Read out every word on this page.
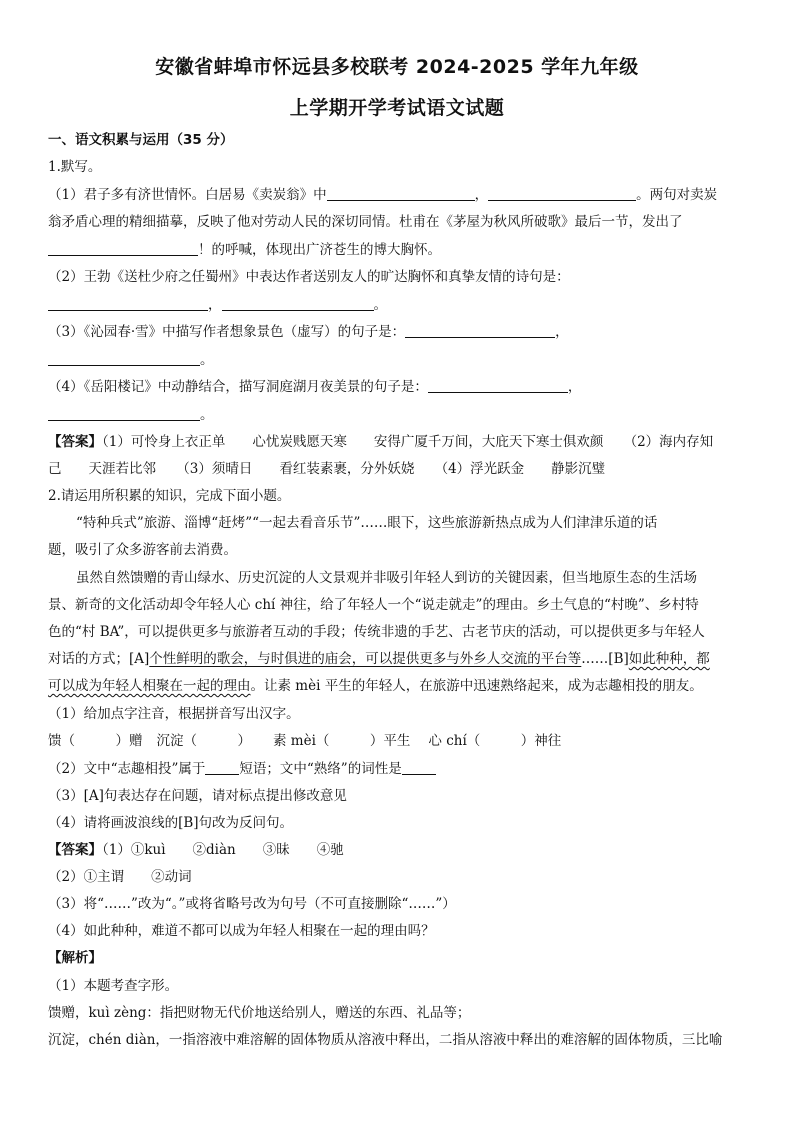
安徽省蚌埠市怀远县多校联考 2024-2025 学年九年级
上学期开学考试语文试题
一、语文积累与运用（35 分）
1.默写。
（1）君子多有济世情怀。白居易《卖炭翁》中	，	。两句对卖炭
翁矛盾心理的精细描摹，反映了他对劳动人民的深切同情。杜甫在《茅屋为秋风所破歌》最后一节，发出了
！的呼喊，体现出广济苍生的博大胸怀。
（2）王勃《送杜少府之任蜀州》中表达作者送别友人的旷达胸怀和真挚友情的诗句是：
，	。
（3）《沁园春·雪》中描写作者想象景色（虚写）的句子是：	，
。
（4）《岳阳楼记》中动静结合，描写洞庭湖月夜美景的句子是：	，
。
【答案】（1）可怜身上衣正单　　心忧炭贱愿天寒　　安得广厦千万间，大庇天下寒士俱欢颜　　（2）海内存知
己　　天涯若比邻　　（3）须晴日　　看红装素裹，分外妖娆　　（4）浮光跃金　　静影沉璧
2.请运用所积累的知识，完成下面小题。
“特种兵式”旅游、淄博“赶烤”“一起去看音乐节”……眼下，这些旅游新热点成为人们津津乐道的话
题，吸引了众多游客前去消费。
虽然自然馈赠的青山绿水、历史沉淀的人文景观并非吸引年轻人到访的关键因素，但当地原生态的生活场
景、新奇的文化活动却令年轻人心 chí 神往，给了年轻人一个“说走就走”的理由。乡土气息的“村晚”、乡村特
色的“村 BA”，可以提供更多与旅游者互动的手段；传统非遗的手艺、古老节庆的活动，可以提供更多与年轻人
对话的方式；[A]个性鲜明的歌会，与时俱进的庙会，可以提供更多与外乡人交流的平台等……[B]如此种种，都
可以成为年轻人相聚在一起的理由。让素 mèi 平生的年轻人，在旅游中迅速熟络起来，成为志趣相投的朋友。
（1）给加点字注音，根据拼音写出汉字。
馈（　　　）赠 沉淀（　　　） 素 mèi（　　　）平生 心 chí（　　　）神往
（2）文中“志趣相投”属于	短语；文中“熟络”的词性是
（3）[A]句表达存在问题，请对标点提出修改意见
（4）请将画波浪线的[B]句改为反问句。
【答案】（1）①kuì　　②diàn　　③昧　　④驰
（2）①主谓　　②动词
（3）将“……”改为“。”或将省略号改为句号（不可直接删除“……”）
（4）如此种种，难道不都可以成为年轻人相聚在一起的理由吗？
【解析】
（1）本题考查字形。
馈赠，kuì zèng：指把财物无代价地送给别人，赠送的东西、礼品等；
沉淀，chén diàn，一指溶液中难溶解的固体物质从溶液中释出，二指从溶液中释出的难溶解的固体物质，三比喻
